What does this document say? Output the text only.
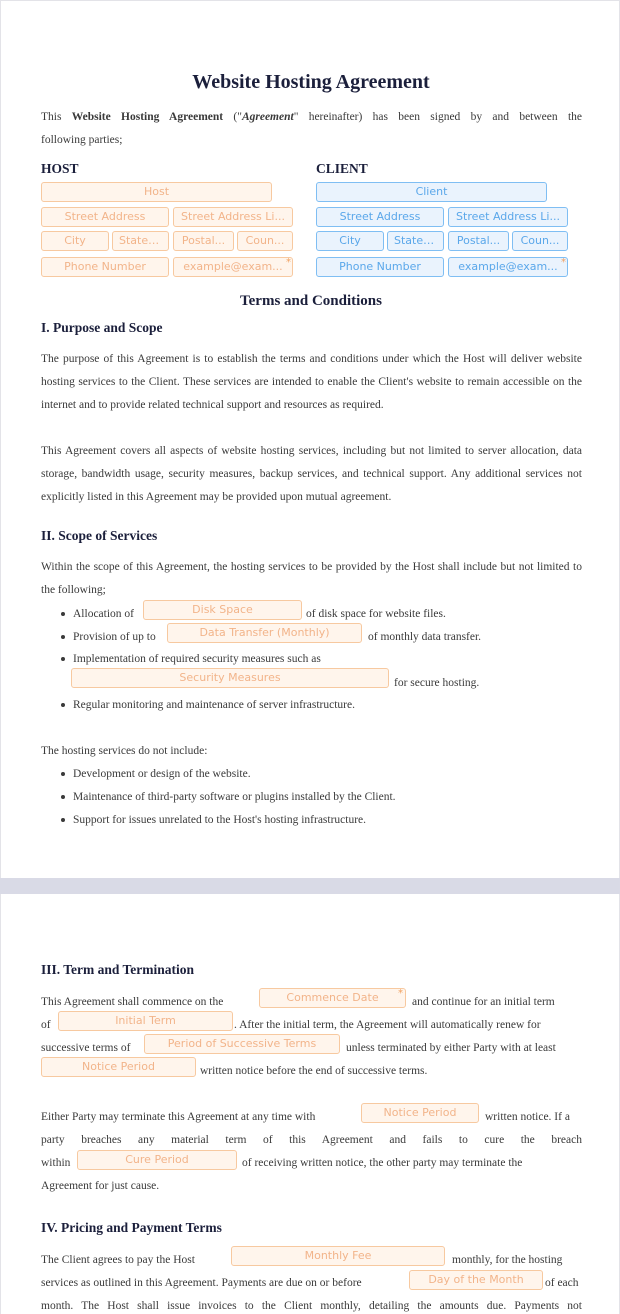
Website Hosting Agreement
This Website Hosting Agreement ("Agreement" hereinafter) has been signed by and between the
following parties;
HOST
Host
Street Address	Street Address Li...
City	State ...	Postal...	Coun...
Phone Number	example@exam... *
CLIENT
Client
Street Address	Street Address Li...
City	State ...	Postal...	Coun...
Phone Number	example@exam... *
Terms and Conditions
I. Purpose and Scope
The purpose of this Agreement is to establish the terms and conditions under which the Host will deliver website hosting services to the Client. These services are intended to enable the Client's website to remain accessible on the internet and to provide related technical support and resources as required.
This Agreement covers all aspects of website hosting services, including but not limited to server allocation, data storage, bandwidth usage, security measures, backup services, and technical support. Any additional services not explicitly listed in this Agreement may be provided upon mutual agreement.
II. Scope of Services
Within the scope of this Agreement, the hosting services to be provided by the Host shall include but not limited to the following;
Allocation of	Disk Space	of disk space for website files.
Provision of up to	Data Transfer (Monthly)	of monthly data transfer.
Implementation of required security measures such as
Security Measures	for secure hosting.
Regular monitoring and maintenance of server infrastructure.
The hosting services do not include:
Development or design of the website.
Maintenance of third-party software or plugins installed by the Client.
Support for issues unrelated to the Host's hosting infrastructure.
III. Term and Termination
This Agreement shall commence on the	Commence Date	*
and continue for an initial term
of	Initial Term	. After the initial term, the Agreement will automatically renew for
successive terms of	Period of Successive Terms	unless terminated by either Party with at least
Notice Period	written notice before the end of successive terms.
Either Party may terminate this Agreement at any time with	Notice Period	written notice. If a
party breaches any material term of this Agreement and fails to cure the breach
within	Cure Period	of receiving written notice, the other party may terminate the
Agreement for just cause.
IV. Pricing and Payment Terms
The Client agrees to pay the Host	Monthly Fee	monthly, for the hosting
services as outlined in this Agreement. Payments are due on or before	Day of the Month	of each
month. The Host shall issue invoices to the Client monthly, detailing the amounts due. Payments not
